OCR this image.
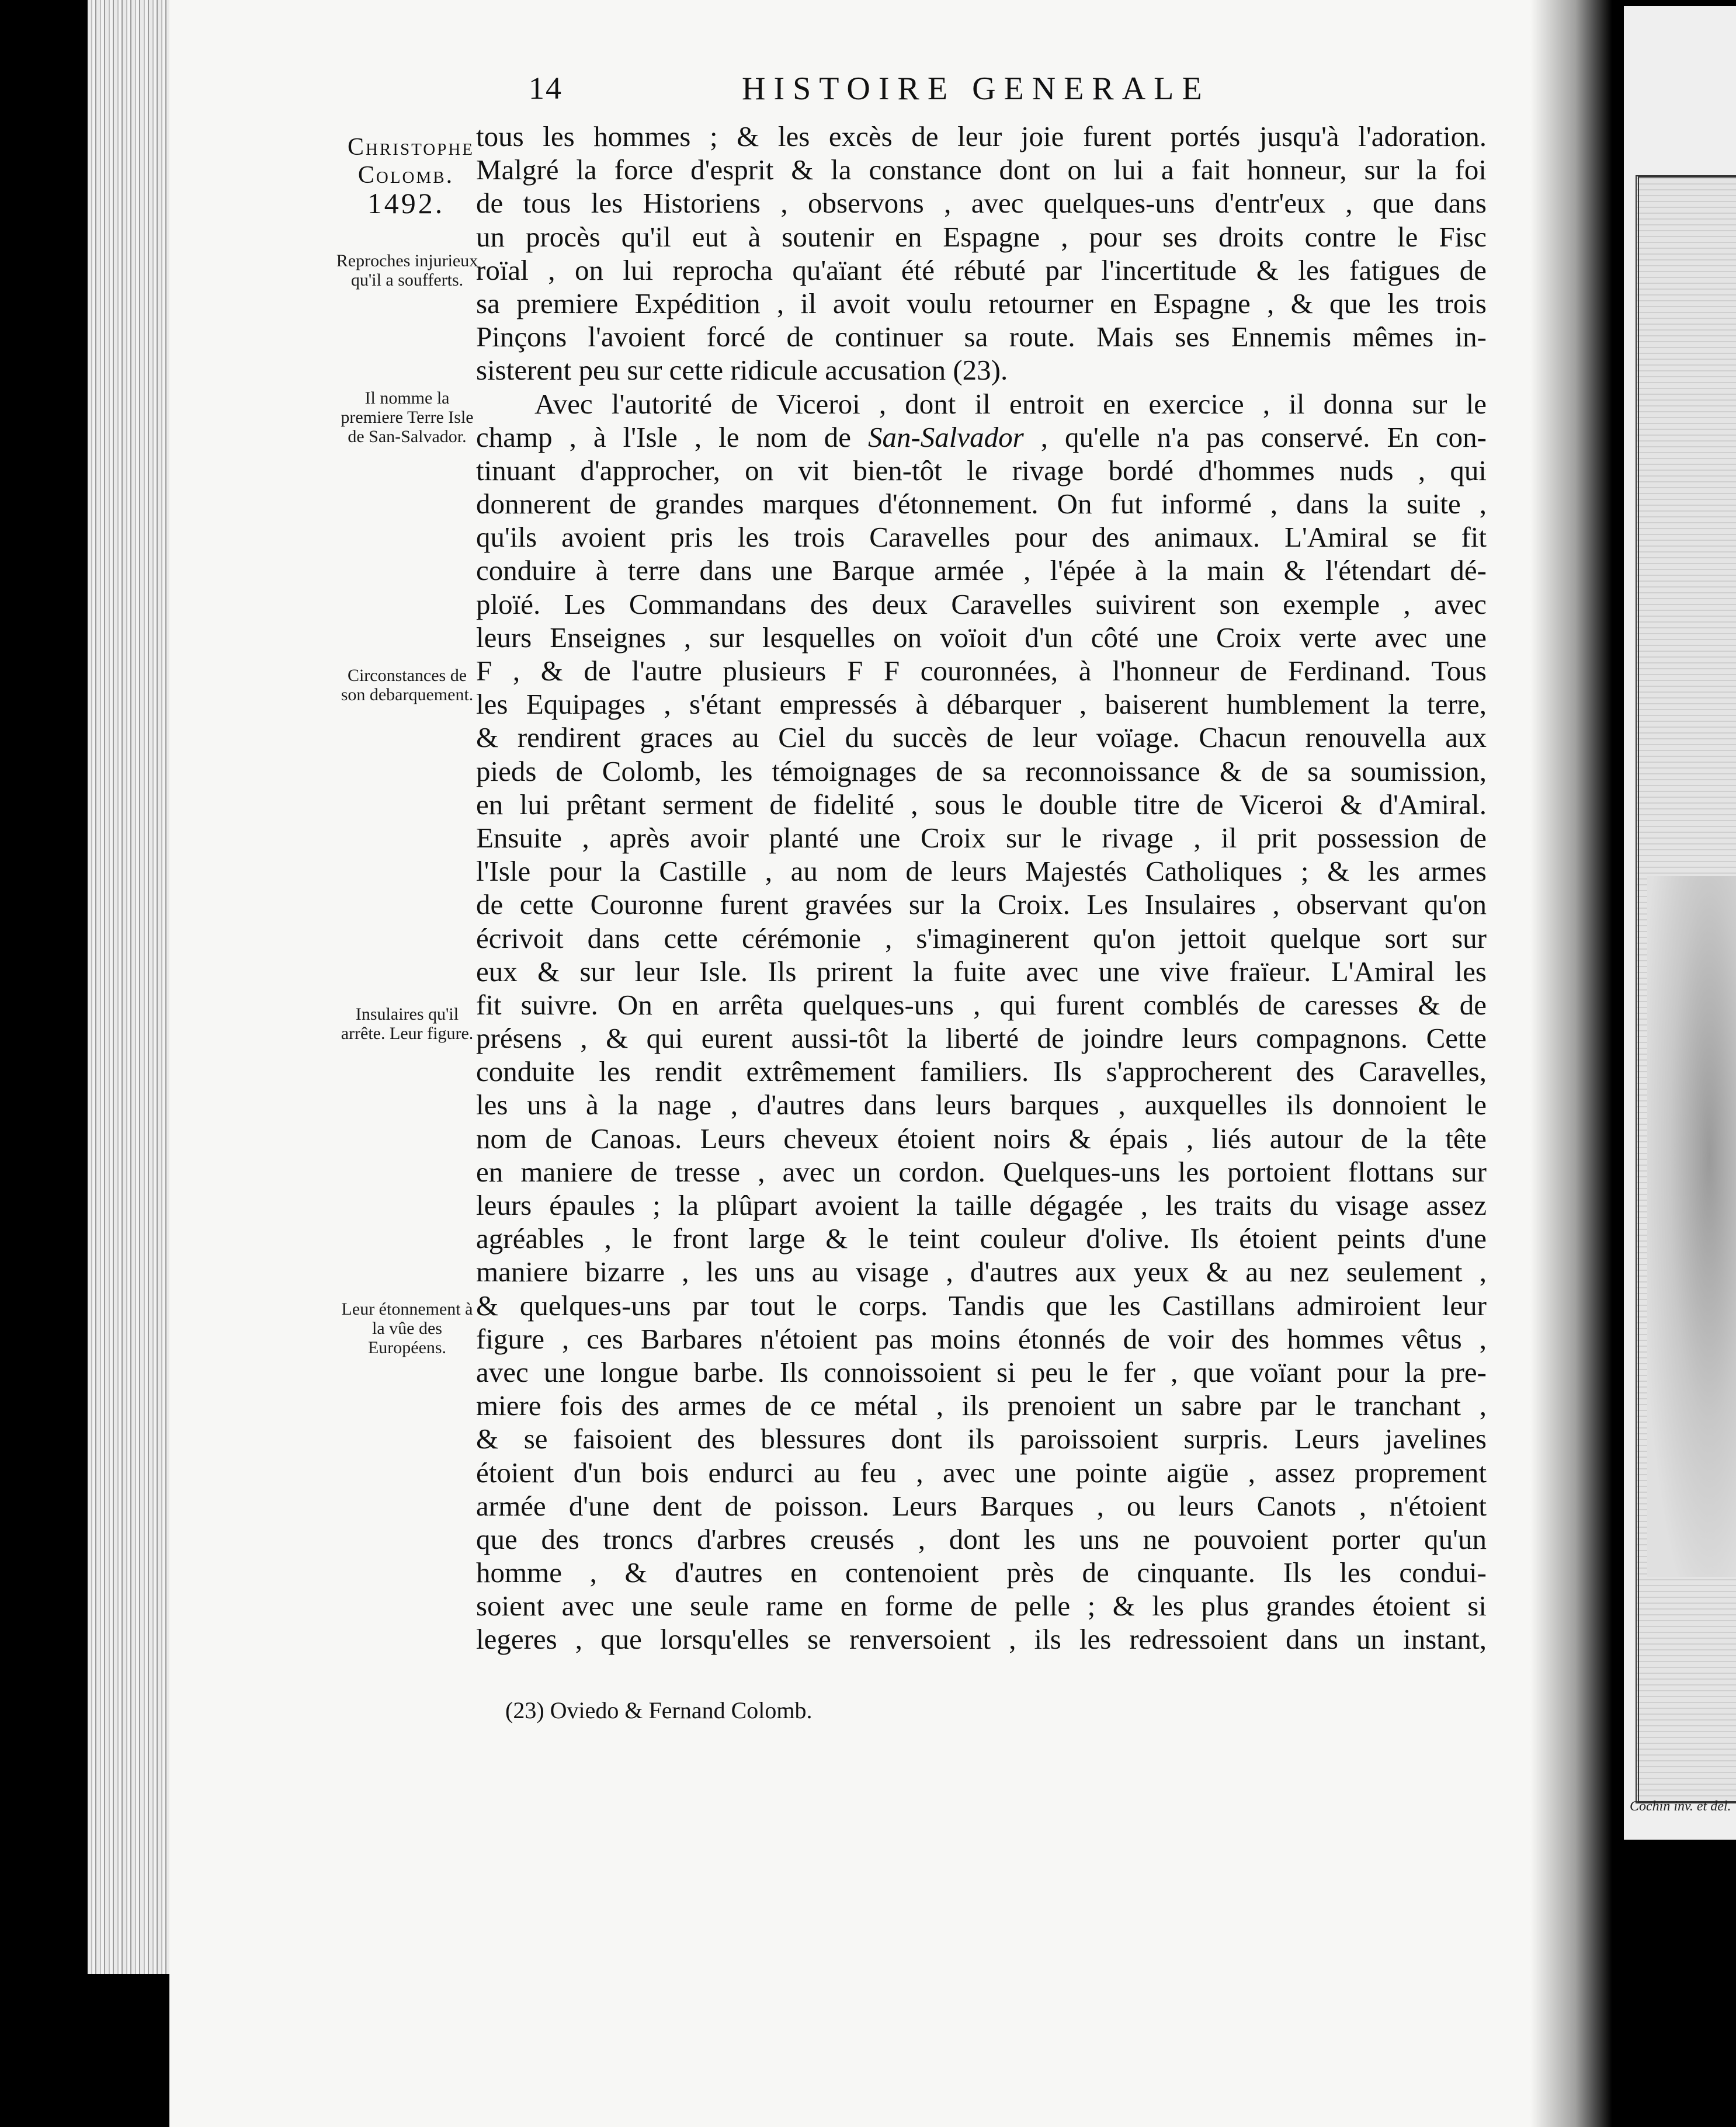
Cochin inv. et del.
14	HISTOIRE GENERALE
Christophe
Colomb.
1492.
Reproches injurieux qu'il a soufferts.
Il nomme la premiere Terre Isle de San-Salvador.
Circonstances de son debarquement.
Insulaires qu'il arrête. Leur figure.
Leur étonnement à la vûe des Européens.
tous les hommes ; & les excès de leur joie furent portés jusqu'à l'adoration.
Malgré la force d'esprit & la constance dont on lui a fait honneur, sur la foi
de tous les Historiens , observons , avec quelques-uns d'entr'eux , que dans
un procès qu'il eut à soutenir en Espagne , pour ses droits contre le Fisc
roïal , on lui reprocha qu'aïant été rébuté par l'incertitude & les fatigues de
sa premiere Expédition , il avoit voulu retourner en Espagne , & que les trois
Pinçons l'avoient forcé de continuer sa route. Mais ses Ennemis mêmes in-
sisterent peu sur cette ridicule accusation (23).
Avec l'autorité de Viceroi , dont il entroit en exercice , il donna sur le
champ , à l'Isle , le nom de San-Salvador , qu'elle n'a pas conservé. En con-
tinuant d'approcher, on vit bien-tôt le rivage bordé d'hommes nuds , qui
donnerent de grandes marques d'étonnement. On fut informé , dans la suite ,
qu'ils avoient pris les trois Caravelles pour des animaux. L'Amiral se fit
conduire à terre dans une Barque armée , l'épée à la main & l'étendart dé-
ploïé. Les Commandans des deux Caravelles suivirent son exemple , avec
leurs Enseignes , sur lesquelles on voïoit d'un côté une Croix verte avec une
F , & de l'autre plusieurs F F couronnées, à l'honneur de Ferdinand. Tous
les Equipages , s'étant empressés à débarquer , baiserent humblement la terre,
& rendirent graces au Ciel du succès de leur voïage. Chacun renouvella aux
pieds de Colomb, les témoignages de sa reconnoissance & de sa soumission,
en lui prêtant serment de fidelité , sous le double titre de Viceroi & d'Amiral.
Ensuite , après avoir planté une Croix sur le rivage , il prit possession de
l'Isle pour la Castille , au nom de leurs Majestés Catholiques ; & les armes
de cette Couronne furent gravées sur la Croix. Les Insulaires , observant qu'on
écrivoit dans cette cérémonie , s'imaginerent qu'on jettoit quelque sort sur
eux & sur leur Isle. Ils prirent la fuite avec une vive fraïeur. L'Amiral les
fit suivre. On en arrêta quelques-uns , qui furent comblés de caresses & de
présens , & qui eurent aussi-tôt la liberté de joindre leurs compagnons. Cette
conduite les rendit extrêmement familiers. Ils s'approcherent des Caravelles,
les uns à la nage , d'autres dans leurs barques , auxquelles ils donnoient le
nom de Canoas. Leurs cheveux étoient noirs & épais , liés autour de la tête
en maniere de tresse , avec un cordon. Quelques-uns les portoient flottans sur
leurs épaules ; la plûpart avoient la taille dégagée , les traits du visage assez
agréables , le front large & le teint couleur d'olive. Ils étoient peints d'une
maniere bizarre , les uns au visage , d'autres aux yeux & au nez seulement ,
& quelques-uns par tout le corps. Tandis que les Castillans admiroient leur
figure , ces Barbares n'étoient pas moins étonnés de voir des hommes vêtus ,
avec une longue barbe. Ils connoissoient si peu le fer , que voïant pour la pre-
miere fois des armes de ce métal , ils prenoient un sabre par le tranchant ,
& se faisoient des blessures dont ils paroissoient surpris. Leurs javelines
étoient d'un bois endurci au feu , avec une pointe aigüe , assez proprement
armée d'une dent de poisson. Leurs Barques , ou leurs Canots , n'étoient
que des troncs d'arbres creusés , dont les uns ne pouvoient porter qu'un
homme , & d'autres en contenoient près de cinquante. Ils les condui-
soient avec une seule rame en forme de pelle ; & les plus grandes étoient si
legeres , que lorsqu'elles se renversoient , ils les redressoient dans un instant,
(23) Oviedo & Fernand Colomb.
